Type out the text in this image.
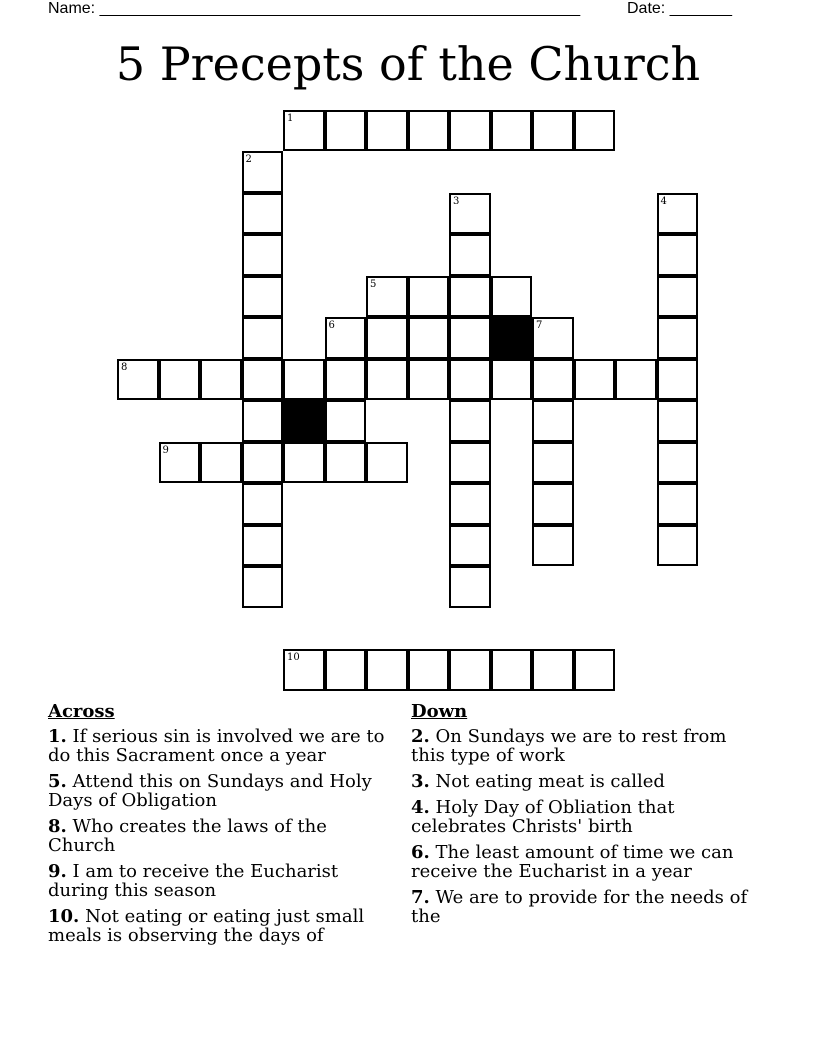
Name: ______________________________________________________	Date: _______
5 Precepts of the Church
1
2
3	4
5
6	7
8
9
10
Across
1. If serious sin is involved we are to do this Sacrament once a year
5. Attend this on Sundays and Holy Days of Obligation
8. Who creates the laws of the Church
9. I am to receive the Eucharist during this season
10. Not eating or eating just small meals is observing the days of
Down
2. On Sundays we are to rest from this type of work
3. Not eating meat is called
4. Holy Day of Obliation that celebrates Christs' birth
6. The least amount of time we can receive the Eucharist in a year
7. We are to provide for the needs of the
